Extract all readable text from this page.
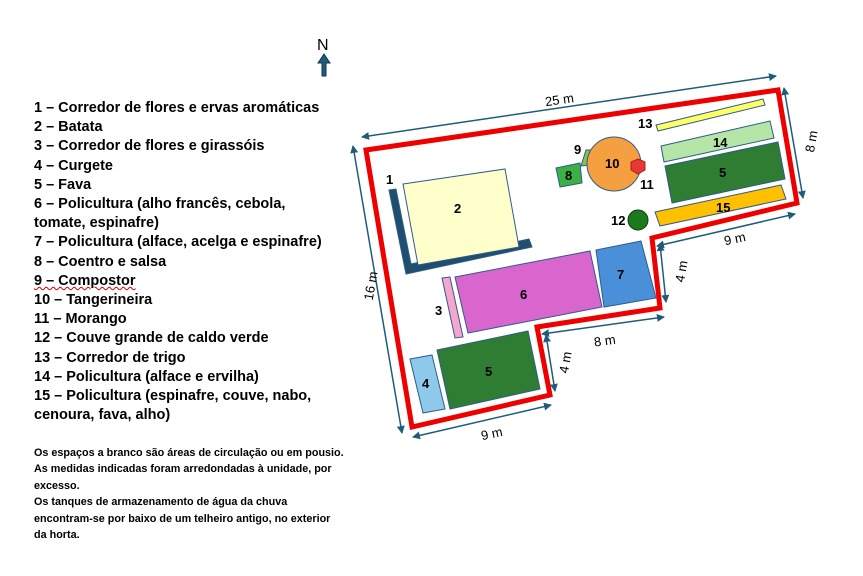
1 – Corredor de flores e ervas aromáticas
2 – Batata
3 – Corredor de flores e girassóis
4 – Curgete
5 – Fava
6 – Policultura (alho francês, cebola, tomate, espinafre)
7 – Policultura (alface, acelga e espinafre)
8 – Coentro e salsa
9 – Compostor
10 – Tangerineira
11 – Morango
12 – Couve grande de caldo verde
13 – Corredor de trigo
14 – Policultura (alface e ervilha)
15 – Policultura (espinafre, couve, nabo, cenoura, fava, alho)

Os espaços a branco são áreas de circulação ou em pousio.

As medidas indicadas foram arredondadas à unidade, por excesso.

Os tanques de armazenamento de água da chuva encontram-se por baixo de um telheiro antigo, no exterior da horta.

N
25 m
8 m
16 m
9 m
4 m
8 m
4 m
9 m
1
2
3
4
5
6
7
8
9
10
11
12
13
14
5
15
